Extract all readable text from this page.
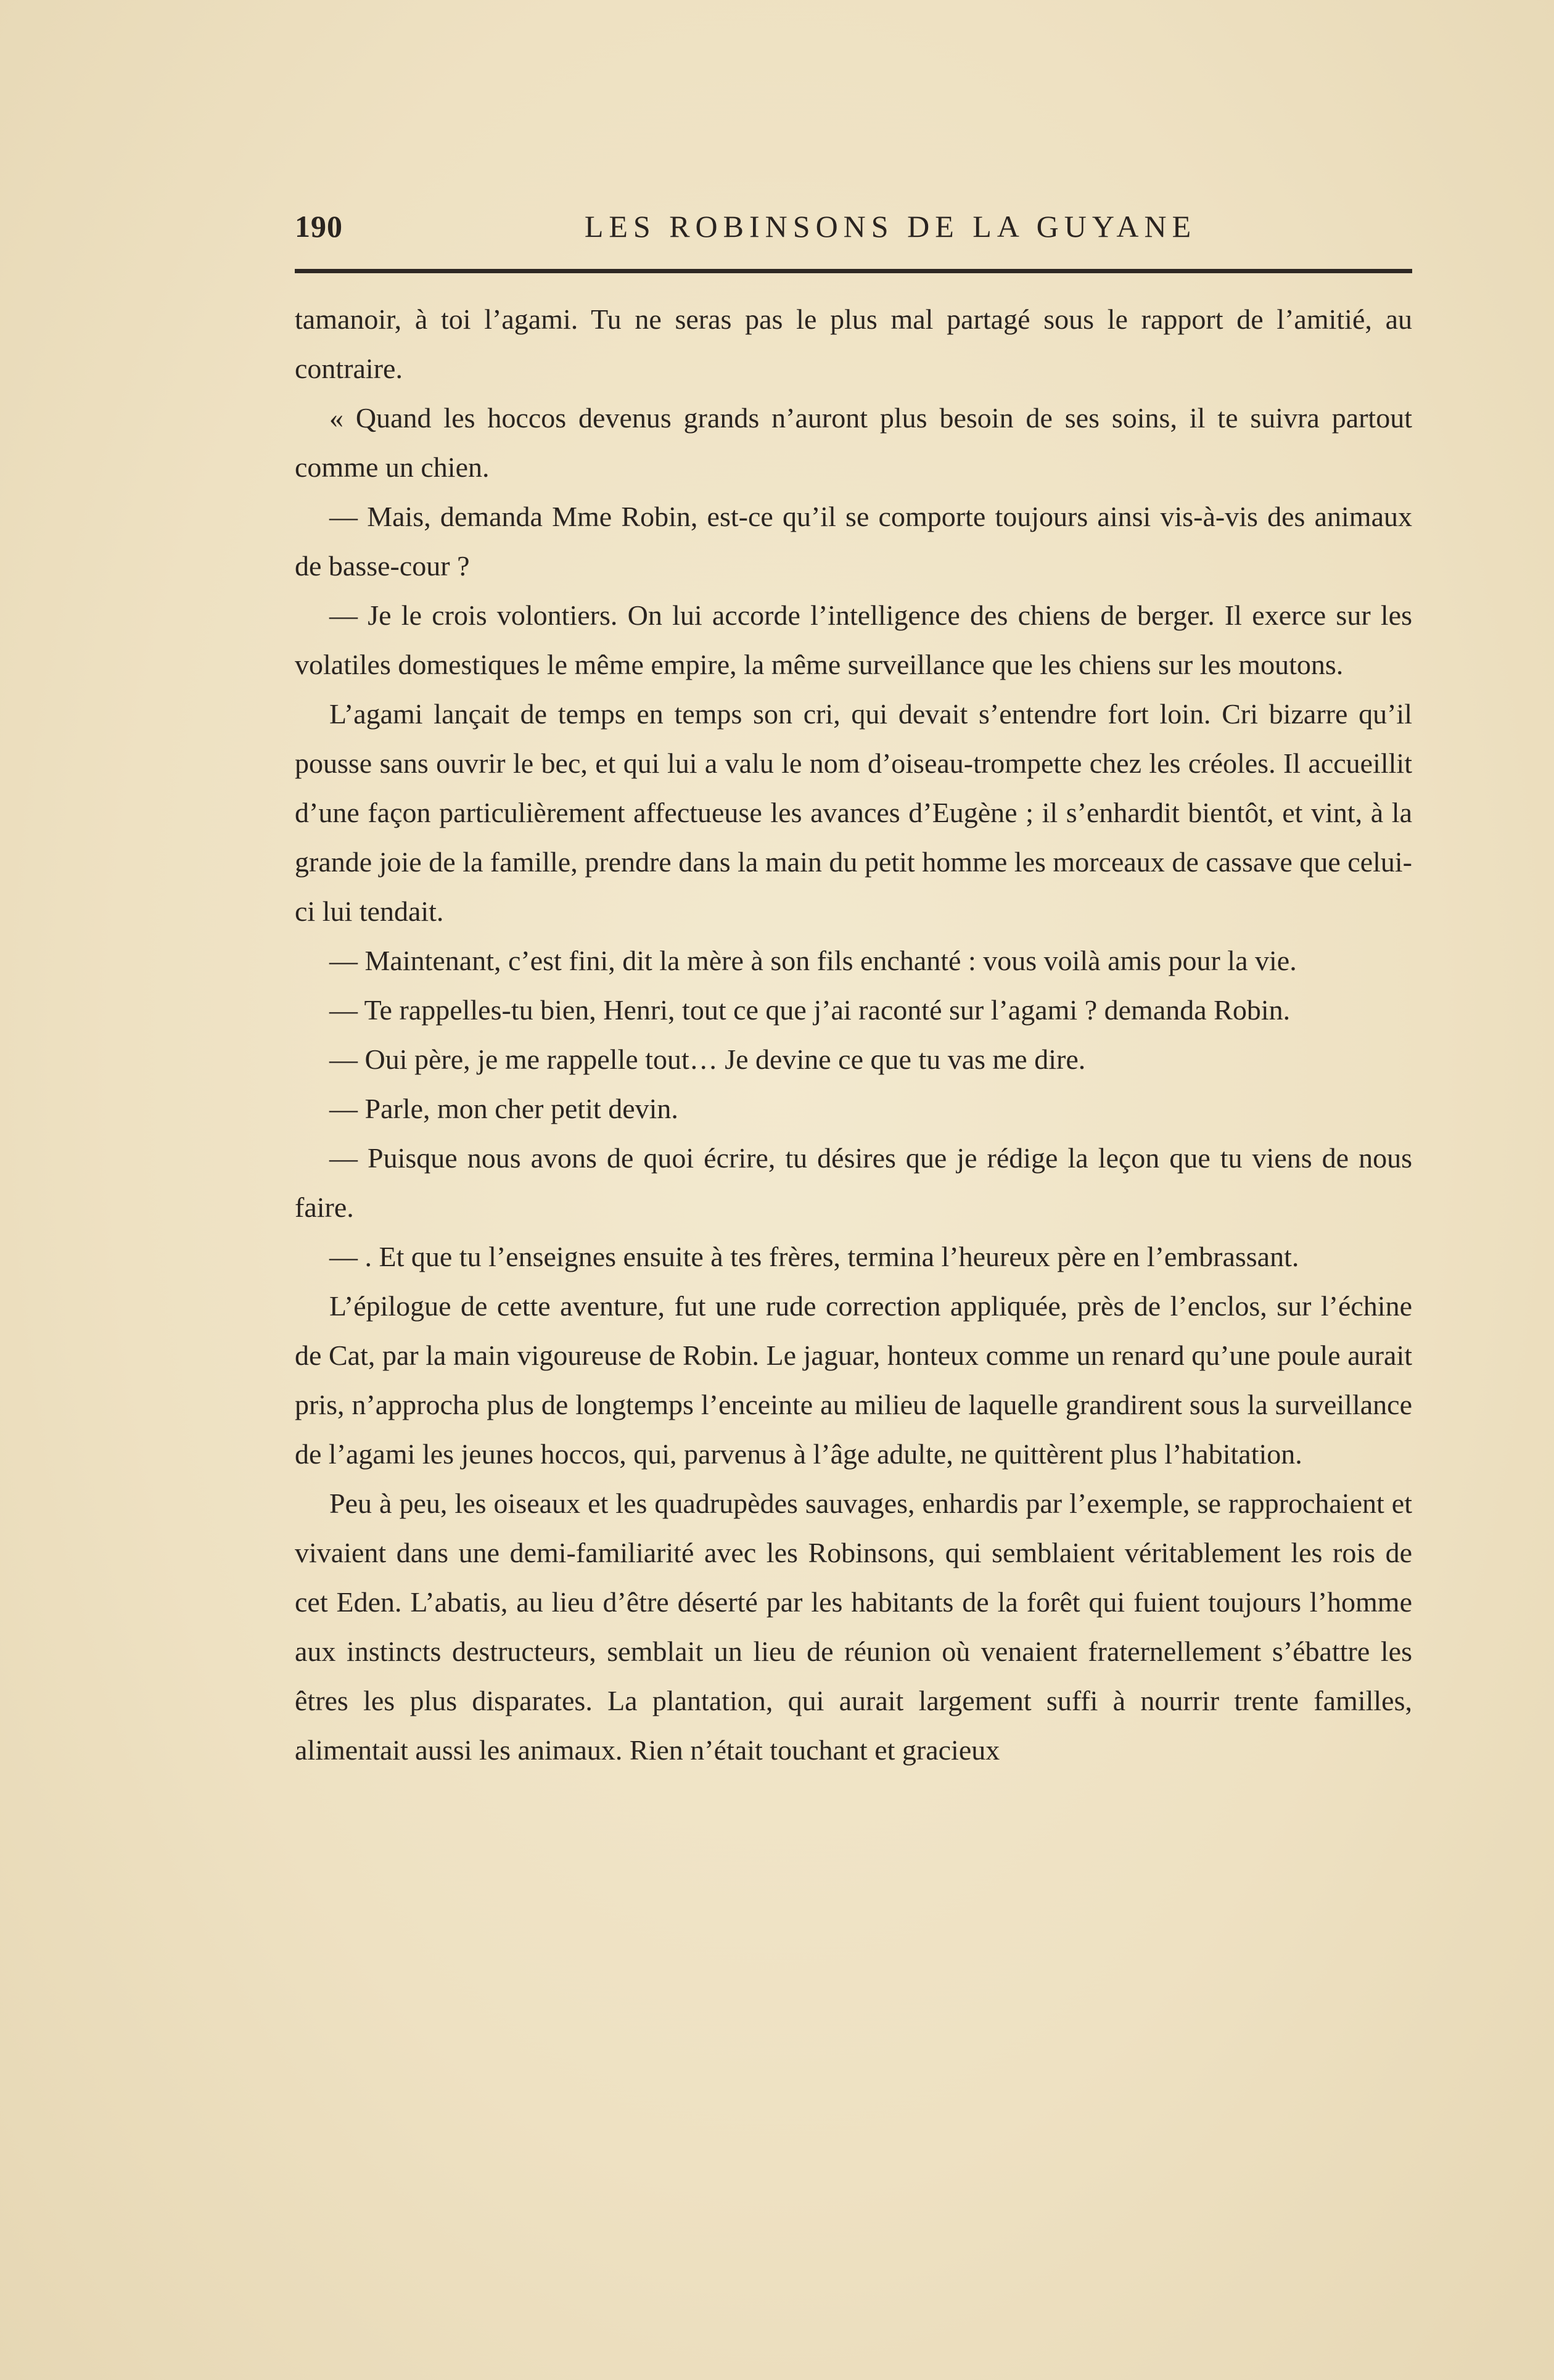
190	LES ROBINSONS DE LA GUYANE

tamanoir, à toi l’agami. Tu ne seras pas le plus mal partagé sous le rapport de l’amitié, au contraire.

« Quand les hoccos devenus grands n’auront plus besoin de ses soins, il te suivra partout comme un chien.

— Mais, demanda Mme Robin, est-ce qu’il se comporte toujours ainsi vis-à-vis des animaux de basse-cour ?

— Je le crois volontiers. On lui accorde l’intelligence des chiens de berger. Il exerce sur les volatiles domestiques le même empire, la même surveillance que les chiens sur les moutons.

L’agami lançait de temps en temps son cri, qui devait s’entendre fort loin. Cri bizarre qu’il pousse sans ouvrir le bec, et qui lui a valu le nom d’oiseau-trompette chez les créoles. Il accueillit d’une façon particulièrement affectueuse les avances d’Eugène ; il s’enhardit bientôt, et vint, à la grande joie de la famille, prendre dans la main du petit homme les morceaux de cassave que celui-ci lui tendait.

— Maintenant, c’est fini, dit la mère à son fils enchanté : vous voilà amis pour la vie.

— Te rappelles-tu bien, Henri, tout ce que j’ai raconté sur l’agami ? demanda Robin.

— Oui père, je me rappelle tout… Je devine ce que tu vas me dire.

— Parle, mon cher petit devin.

— Puisque nous avons de quoi écrire, tu désires que je rédige la leçon que tu viens de nous faire.

— . Et que tu l’enseignes ensuite à tes frères, termina l’heureux père en l’embrassant.

L’épilogue de cette aventure, fut une rude correction appliquée, près de l’enclos, sur l’échine de Cat, par la main vigoureuse de Robin. Le jaguar, honteux comme un renard qu’une poule aurait pris, n’approcha plus de longtemps l’enceinte au milieu de laquelle grandirent sous la surveillance de l’agami les jeunes hoccos, qui, parvenus à l’âge adulte, ne quittèrent plus l’habitation.

Peu à peu, les oiseaux et les quadrupèdes sauvages, enhardis par l’exemple, se rapprochaient et vivaient dans une demi-familiarité avec les Robinsons, qui semblaient véritablement les rois de cet Eden. L’abatis, au lieu d’être déserté par les habitants de la forêt qui fuient toujours l’homme aux instincts destructeurs, semblait un lieu de réunion où venaient fraternellement s’ébattre les êtres les plus disparates. La plantation, qui aurait largement suffi à nourrir trente familles, alimentait aussi les animaux. Rien n’était touchant et gracieux
